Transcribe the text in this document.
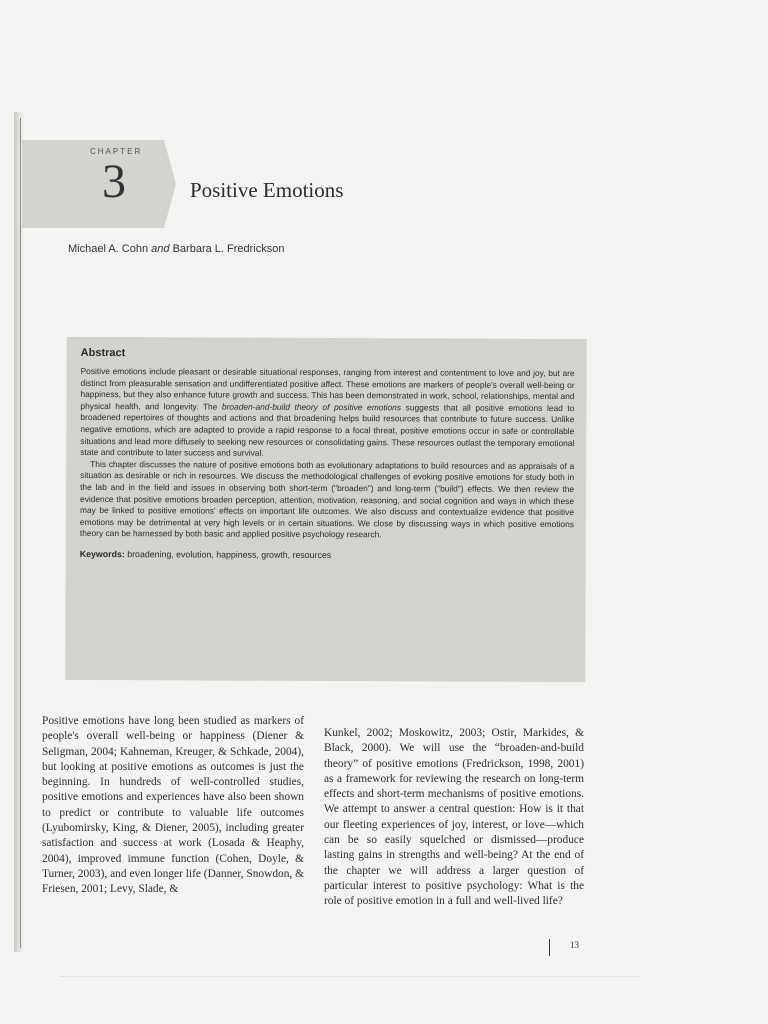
CHAPTER
3	Positive Emotions
Michael A. Cohn and Barbara L. Fredrickson
Abstract

Positive emotions include pleasant or desirable situational responses, ranging from interest and contentment to love and joy, but are distinct from pleasurable sensation and undifferentiated positive affect. These emotions are markers of people's overall well-being or happiness, but they also enhance future growth and success. This has been demonstrated in work, school, relationships, mental and physical health, and longevity. The broaden-and-build theory of positive emotions suggests that all positive emotions lead to broadened repertoires of thoughts and actions and that broadening helps build resources that contribute to future success. Unlike negative emotions, which are adapted to provide a rapid response to a focal threat, positive emotions occur in safe or controllable situations and lead more diffusely to seeking new resources or consolidating gains. These resources outlast the temporary emotional state and contribute to later success and survival.

This chapter discusses the nature of positive emotions both as evolutionary adaptations to build resources and as appraisals of a situation as desirable or rich in resources. We discuss the methodological challenges of evoking positive emotions for study both in the lab and in the field and issues in observing both short-term ("broaden") and long-term ("build") effects. We then review the evidence that positive emotions broaden perception, attention, motivation, reasoning, and social cognition and ways in which these may be linked to positive emotions' effects on important life outcomes. We also discuss and contextualize evidence that positive emotions may be detrimental at very high levels or in certain situations. We close by discussing ways in which positive emotions theory can be harnessed by both basic and applied positive psychology research.

Keywords: broadening, evolution, happiness, growth, resources
Positive emotions have long been studied as markers of people's overall well-being or happiness (Diener & Seligman, 2004; Kahneman, Kreuger, & Schkade, 2004), but looking at positive emotions as outcomes is just the beginning. In hundreds of well-controlled studies, positive emotions and experiences have also been shown to predict or contribute to valuable life outcomes (Lyubomirsky, King, & Diener, 2005), including greater satisfaction and success at work (Losada & Heaphy, 2004), improved immune function (Cohen, Doyle, & Turner, 2003), and even longer life (Danner, Snowdon, & Friesen, 2001; Levy, Slade, &
Kunkel, 2002; Moskowitz, 2003; Ostir, Markides, & Black, 2000). We will use the “broaden-and-build theory” of positive emotions (Fredrickson, 1998, 2001) as a framework for reviewing the research on long-term effects and short-term mechanisms of positive emotions. We attempt to answer a central question: How is it that our fleeting experiences of joy, interest, or love—which can be so easily squelched or dismissed—produce lasting gains in strengths and well-being? At the end of the chapter we will address a larger question of particular interest to positive psychology: What is the role of positive emotion in a full and well-lived life?
13
